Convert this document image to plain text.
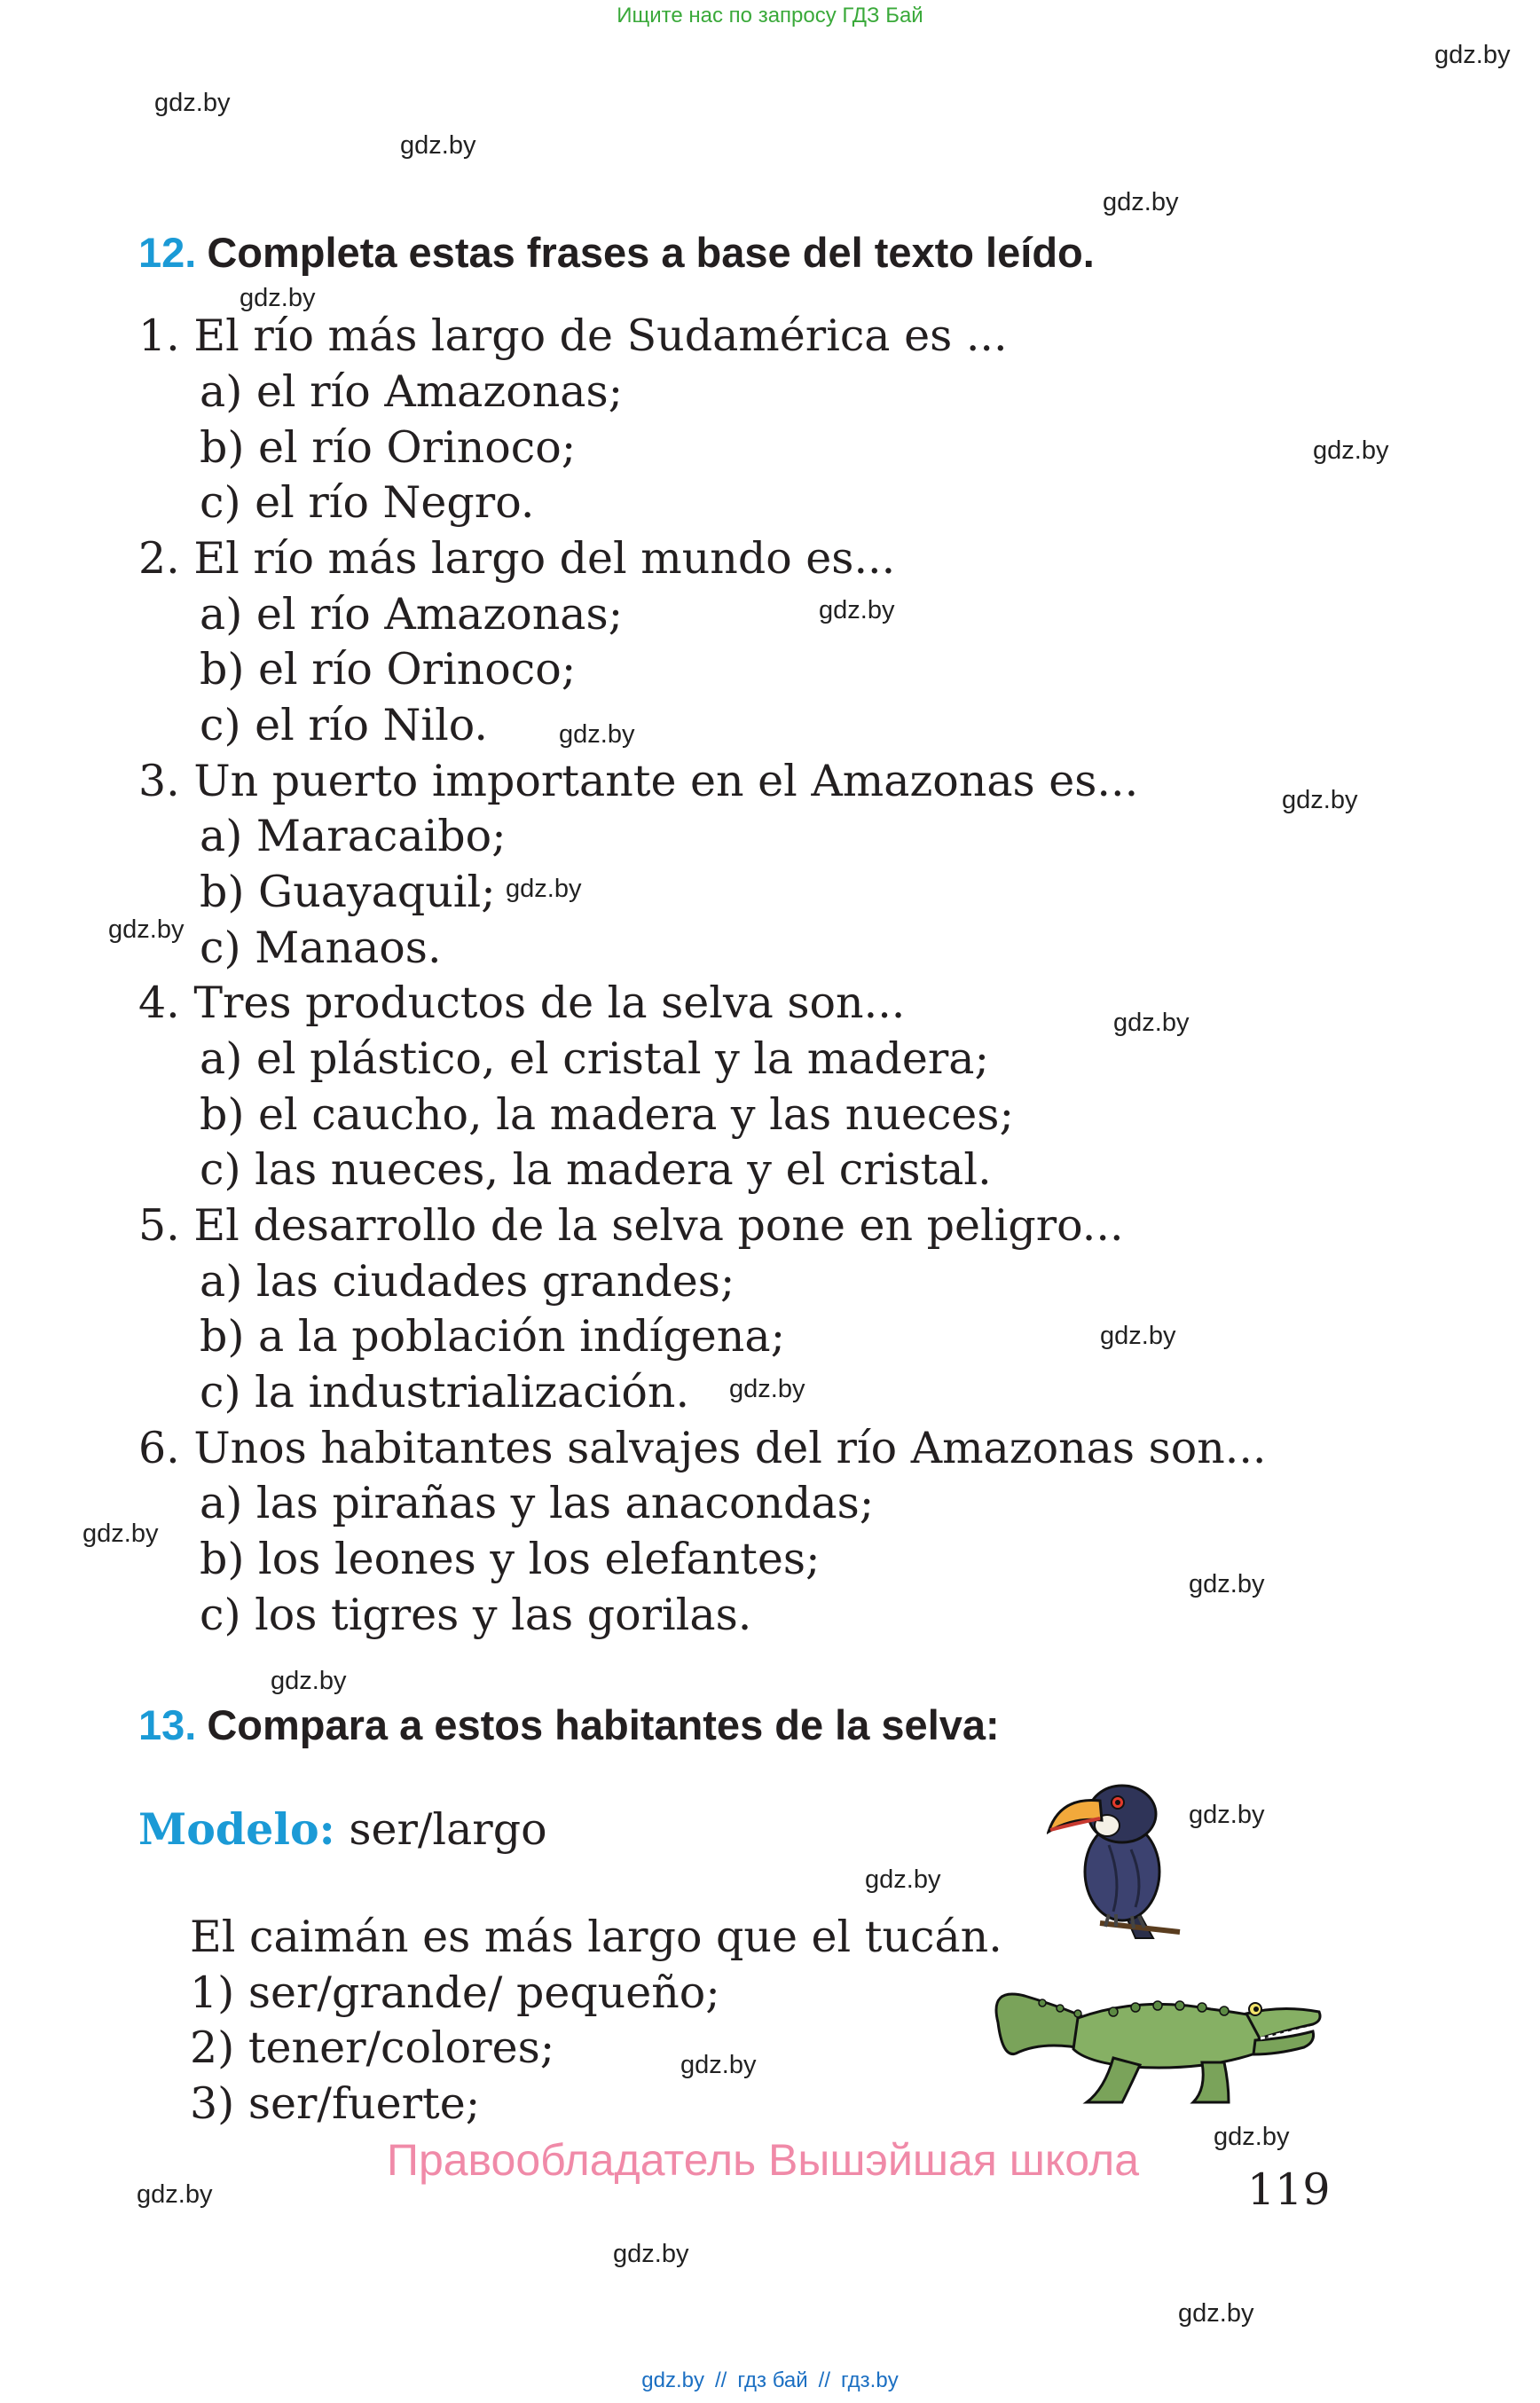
Ищите нас по запросу ГДЗ Бай
gdz.by
gdz.by
gdz.by
gdz.by
gdz.by
gdz.by
gdz.by
gdz.by
gdz.by
gdz.by
gdz.by
gdz.by
gdz.by
gdz.by
gdz.by
gdz.by
gdz.by
gdz.by
gdz.by
gdz.by
gdz.by
gdz.by
gdz.by
gdz.by
12. Completa estas frases a base del texto leído.
1. El río más largo de Sudamérica es ...
a) el río Amazonas;
b) el río Orinoco;
c) el río Negro.
2. El río más largo del mundo es...
a) el río Amazonas;
b) el río Orinoco;
c) el río Nilo.
3. Un puerto importante en el Amazonas es...
a) Maracaibo;
b) Guayaquil;
c) Manaos.
4. Tres productos de la selva son...
a) el plástico, el cristal y la madera;
b) el caucho, la madera y las nueces;
c) las nueces, la madera y el cristal.
5. El desarrollo de la selva pone en peligro...
a) las ciudades grandes;
b) a la población indígena;
c) la industrialización.
6. Unos habitantes salvajes del río Amazonas son...
a) las pirañas y las anacondas;
b) los leones y los elefantes;
c) los tigres y las gorilas.
13. Compara a estos habitantes de la selva:
Modelo: ser/largo
El caimán es más largo que el tucán.
1) ser/grande/ pequeño;
2) tener/colores;
3) ser/fuerte;
Правообладатель Вышэйшая школа
119
gdz.by // гдз бай // гдз.by
